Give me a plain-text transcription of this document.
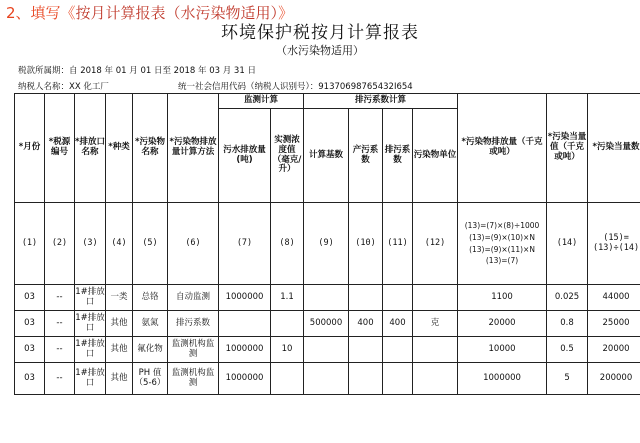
2、填写《按月计算报表（水污染物适用）》
环境保护税按月计算报表
（水污染物适用）
税款所属期：自 2018 年 01 月 01 日至 2018 年 03 月 31 日
纳税人名称：XX 化工厂	统一社会信用代码（纳税人识别号）：91370698765432I654
*月份	*税源编号	*排放口名称	*种类	*污染物名称	*污染物排放量计算方法	监测计算		排污系数计算				*污染物排放量（千克或吨）	*污染当量值（千克或吨）	*污染当量数
						污水排放量(吨)	实测浓度值（毫克/升）	计算基数	产污系数	排污系数	污染物单位			
(1)	(2)	(3)	(4)	(5)	(6)	(7)	(8)	(9)	(10)	(11)	(12)	(13)=(7)×(8)÷1000
(13)=(9)×(10)×N
(13)=(9)×(11)×N
(13)=(7)	(14)	(15)=(13)÷(14)
03	--	1#排放口	一类	总铬	自动监测	1000000	1.1					1100	0.025	44000
03	--	1#排放口	其他	氨氮	排污系数			500000	400	400	克	20000	0.8	25000
03	--	1#排放口	其他	氟化物	监测机构监测	1000000	10					10000	0.5	20000
03	--	1#排放口	其他	PH 值（5-6）	监测机构监测	1000000						1000000	5	200000
